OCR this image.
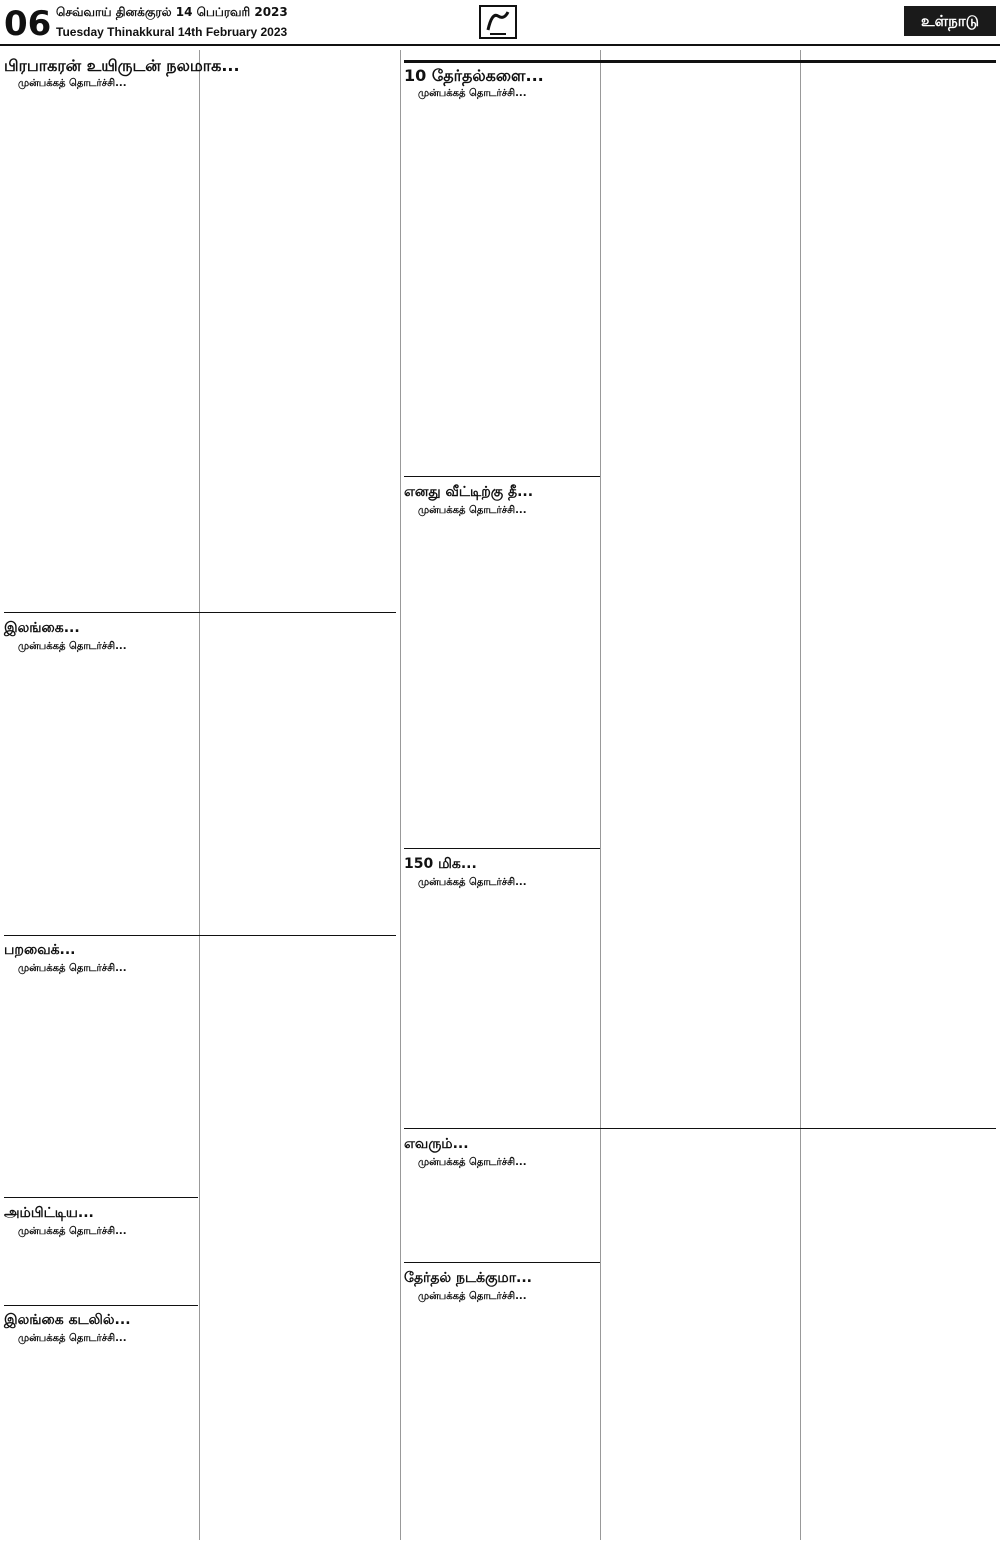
06 செவ்வாய் தினக்குரல் 14 பெப்ரவரி 2023
Tuesday Thinakkural 14th February 2023
உள்நாடு
பிரபாகரன் உயிருடன் நலமாக...
முன்பக்கத் தொடர்ச்சி...
இலங்கை...
முன்பக்கத் தொடர்ச்சி...
பறவைக்...
முன்பக்கத் தொடர்ச்சி...
அம்பிட்டிய...
முன்பக்கத் தொடர்ச்சி...
இலங்கை கடலில்...
முன்பக்கத் தொடர்ச்சி...
10 தேர்தல்களை...
முன்பக்கத் தொடர்ச்சி...
எனது வீட்டிற்கு தீ...
முன்பக்கத் தொடர்ச்சி...
150 மிக...
முன்பக்கத் தொடர்ச்சி...
எவரும்...
முன்பக்கத் தொடர்ச்சி...
தேர்தல் நடக்குமா...
முன்பக்கத் தொடர்ச்சி...
